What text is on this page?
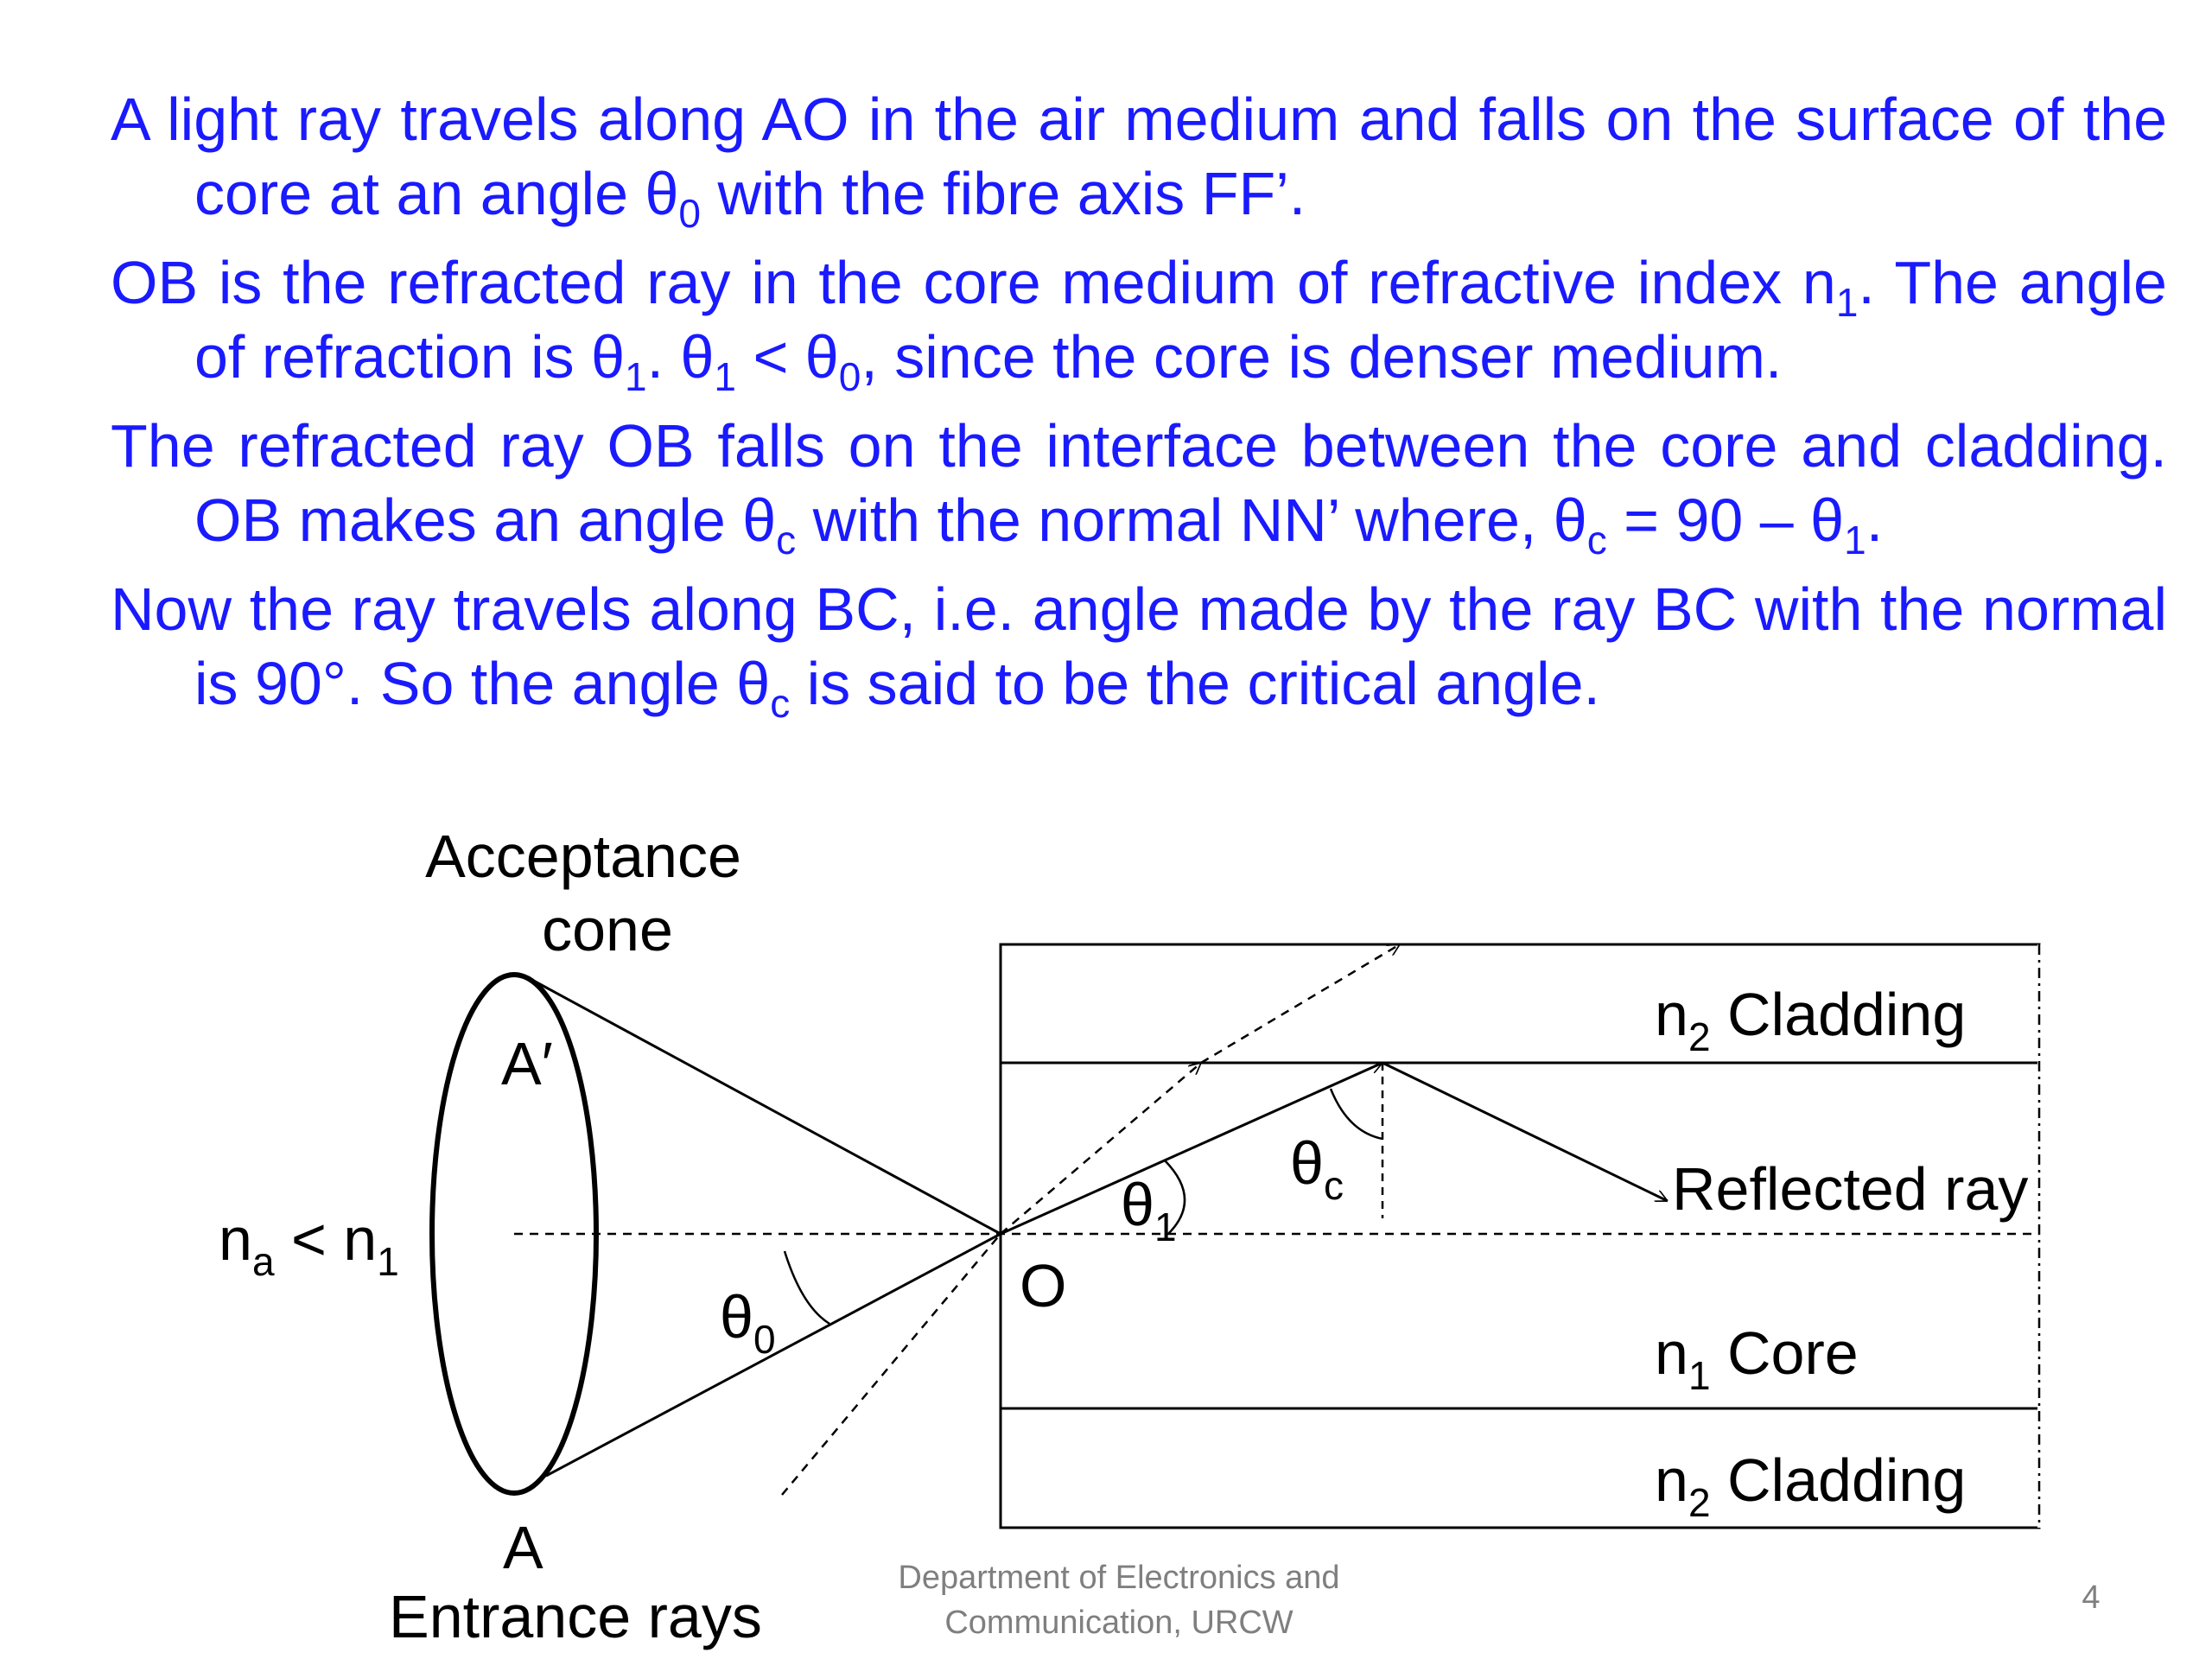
A light ray travels along AO in the air medium and falls on the surface of the core at an angle $\theta_0$ with the fibre axis FF’.

OB is the refracted ray in the core medium of refractive index $n_1$. The angle of refraction is $\theta_1$. $\theta_1 < \theta_0$, since the core is denser medium.

The refracted ray OB falls on the interface between the core and cladding. OB makes an angle $\theta_c$ with the normal NN’ where, $\theta_c = 90 - \theta_1$.

Now the ray travels along BC, i.e. angle made by the ray BC with the normal is 90°. So the angle $\theta_c$ is said to be the critical angle.

Acceptance
cone
A′
A
Entrance rays
$n_a < n_1$
$\theta_0$
$\theta_1$
$\theta_c$
O
$n_2$ Cladding
$n_1$ Core
$n_2$ Cladding
Reflected ray
Department of Electronics and
Communication, URCW
4
